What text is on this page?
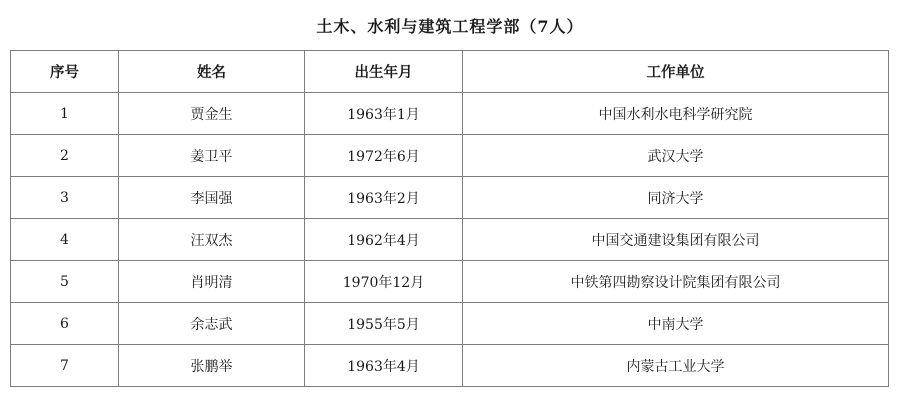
土木、水利与建筑工程学部（7人）
序号	姓名	出生年月	工作单位
1	贾金生	1963年1月	中国水利水电科学研究院
2	姜卫平	1972年6月	武汉大学
3	李国强	1963年2月	同济大学
4	汪双杰	1962年4月	中国交通建设集团有限公司
5	肖明清	1970年12月	中铁第四勘察设计院集团有限公司
6	余志武	1955年5月	中南大学
7	张鹏举	1963年4月	内蒙古工业大学
